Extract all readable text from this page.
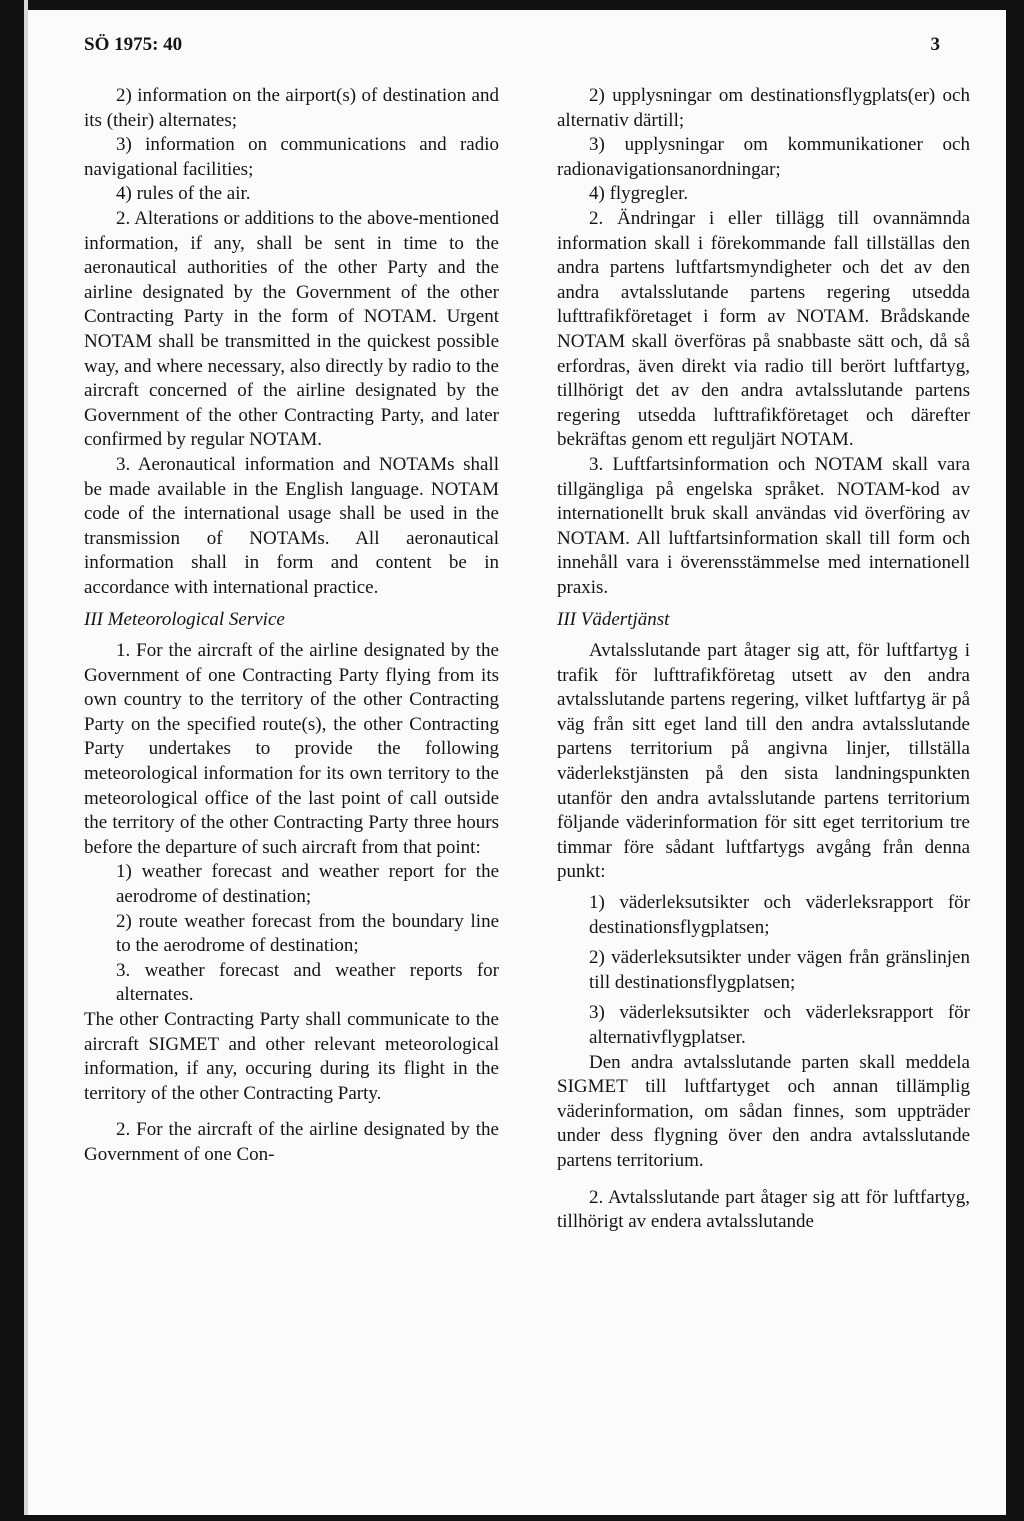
SÖ 1975: 40	3

2) information on the airport(s) of destination and its (their) alternates;

3) information on communications and radio navigational facilities;

4) rules of the air.

2. Alterations or additions to the above-mentioned information, if any, shall be sent in time to the aeronautical authorities of the other Party and the airline designated by the Government of the other Contracting Party in the form of NOTAM. Urgent NOTAM shall be transmitted in the quickest possible way, and where necessary, also directly by radio to the aircraft concerned of the airline designated by the Government of the other Contracting Party, and later confirmed by regular NOTAM.

3. Aeronautical information and NOTAMs shall be made available in the English language. NOTAM code of the international usage shall be used in the transmission of NOTAMs. All aeronautical information shall in form and content be in accordance with international practice.

III Meteorological Service

1. For the aircraft of the airline designated by the Government of one Contracting Party flying from its own country to the territory of the other Contracting Party on the specified route(s), the other Contracting Party undertakes to provide the following meteorological information for its own territory to the meteorological office of the last point of call outside the territory of the other Contracting Party three hours before the departure of such aircraft from that point:

1) weather forecast and weather report for the aerodrome of destination;

2) route weather forecast from the boundary line to the aerodrome of destination;

3. weather forecast and weather reports for alternates.

The other Contracting Party shall communicate to the aircraft SIGMET and other relevant meteorological information, if any, occuring during its flight in the territory of the other Contracting Party.

2. For the aircraft of the airline designated by the Government of one Con-

2) upplysningar om destinationsflygplats(er) och alternativ därtill;

3) upplysningar om kommunikationer och radionavigationsanordningar;

4) flygregler.

2. Ändringar i eller tillägg till ovannämnda information skall i förekommande fall tillställas den andra partens luftfartsmyndigheter och det av den andra avtalsslutande partens regering utsedda lufttrafikföretaget i form av NOTAM. Brådskande NOTAM skall överföras på snabbaste sätt och, då så erfordras, även direkt via radio till berört luftfartyg, tillhörigt det av den andra avtalsslutande partens regering utsedda lufttrafikföretaget och därefter bekräftas genom ett reguljärt NOTAM.

3. Luftfartsinformation och NOTAM skall vara tillgängliga på engelska språket. NOTAM-kod av internationellt bruk skall användas vid överföring av NOTAM. All luftfartsinformation skall till form och innehåll vara i överensstämmelse med internationell praxis.

III Vädertjänst

Avtalsslutande part åtager sig att, för luftfartyg i trafik för lufttrafikföretag utsett av den andra avtalsslutande partens regering, vilket luftfartyg är på väg från sitt eget land till den andra avtalsslutande partens territorium på angivna linjer, tillställa väderlekstjänsten på den sista landningspunkten utanför den andra avtalsslutande partens territorium följande väderinformation för sitt eget territorium tre timmar före sådant luftfartygs avgång från denna punkt:

1) väderleksutsikter och väderleksrapport för destinationsflygplatsen;

2) väderleksutsikter under vägen från gränslinjen till destinationsflygplatsen;

3) väderleksutsikter och väderleksrapport för alternativflygplatser.

Den andra avtalsslutande parten skall meddela SIGMET till luftfartyget och annan tillämplig väderinformation, om sådan finnes, som uppträder under dess flygning över den andra avtalsslutande partens territorium.

2. Avtalsslutande part åtager sig att för luftfartyg, tillhörigt av endera avtalsslutande
